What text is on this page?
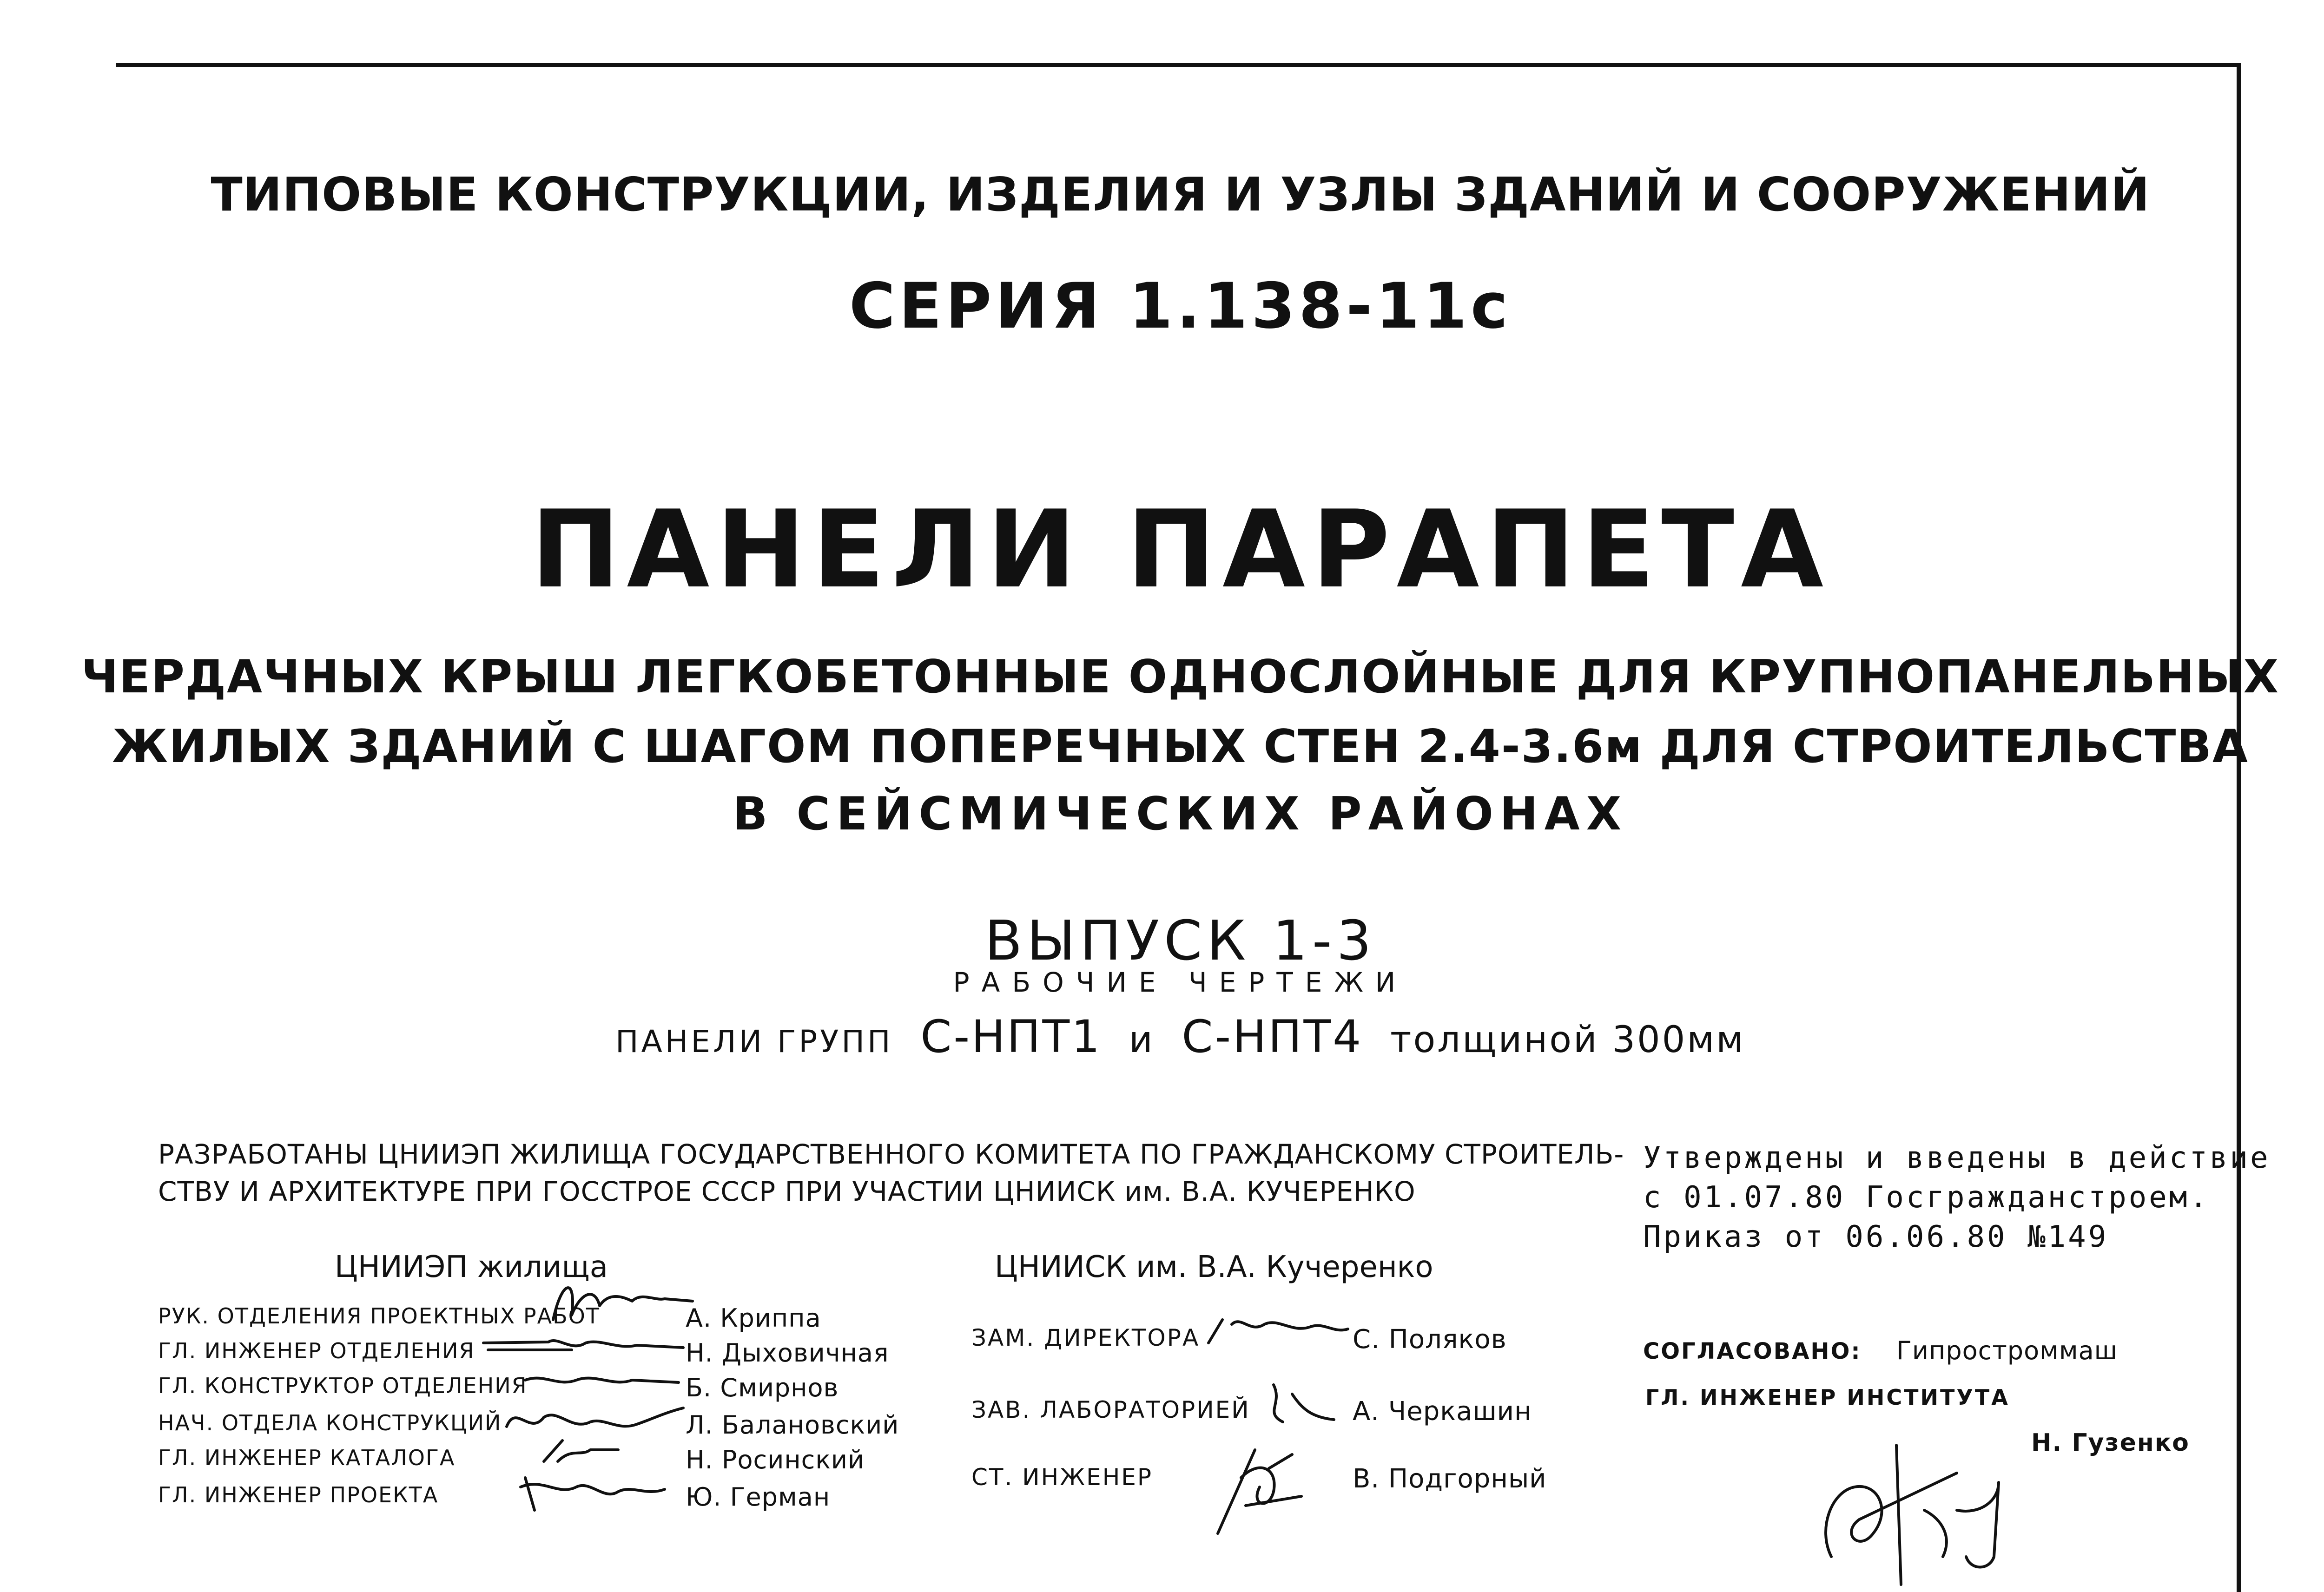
ТИПОВЫЕ КОНСТРУКЦИИ, ИЗДЕЛИЯ И УЗЛЫ ЗДАНИЙ И СООРУЖЕНИЙ
СЕРИЯ 1.138-11с
ПАНЕЛИ ПАРАПЕТА
ЧЕРДАЧНЫХ КРЫШ ЛЕГКОБЕТОННЫЕ ОДНОСЛОЙНЫЕ ДЛЯ КРУПНОПАНЕЛЬНЫХ
ЖИЛЫХ ЗДАНИЙ С ШАГОМ ПОПЕРЕЧНЫХ СТЕН 2.4-3.6м ДЛЯ СТРОИТЕЛЬСТВА
В СЕЙСМИЧЕСКИХ РАЙОНАХ
ВЫПУСК 1-3
РАБОЧИЕ ЧЕРТЕЖИ
ПАНЕЛИ ГРУПП С-НПТ1 и С-НПТ4 толщиной 300мм
РАЗРАБОТАНЫ ЦНИИЭП ЖИЛИЩА ГОСУДАРСТВЕННОГО КОМИТЕТА ПО ГРАЖДАНСКОМУ СТРОИТЕЛЬ-
СТВУ И АРХИТЕКТУРЕ ПРИ ГОССТРОЕ СССР ПРИ УЧАСТИИ ЦНИИСК им. В.А. КУЧЕРЕНКО
Утверждены и введены в действие
с 01.07.80 Госгражданстроем.
Приказ от 06.06.80 №149
ЦНИИЭП жилища	ЦНИИСК им. В.А. Кучеренко
РУК. ОТДЕЛЕНИЯ ПРОЕКТНЫХ РАБОТ	А. Криппа
ГЛ. ИНЖЕНЕР ОТДЕЛЕНИЯ	Н. Дыховичная
ГЛ. КОНСТРУКТОР ОТДЕЛЕНИЯ	Б. Смирнов
НАЧ. ОТДЕЛА КОНСТРУКЦИЙ	Л. Балановский
ГЛ. ИНЖЕНЕР КАТАЛОГА	Н. Росинский
ГЛ. ИНЖЕНЕР ПРОЕКТА	Ю. Герман
ЗАМ. ДИРЕКТОРА	С. Поляков
ЗАВ. ЛАБОРАТОРИЕЙ	А. Черкашин
СТ. ИНЖЕНЕР	В. Подгорный
СОГЛАСОВАНО: Гипростроммаш
ГЛ. ИНЖЕНЕР ИНСТИТУТА
Н. Гузенко
